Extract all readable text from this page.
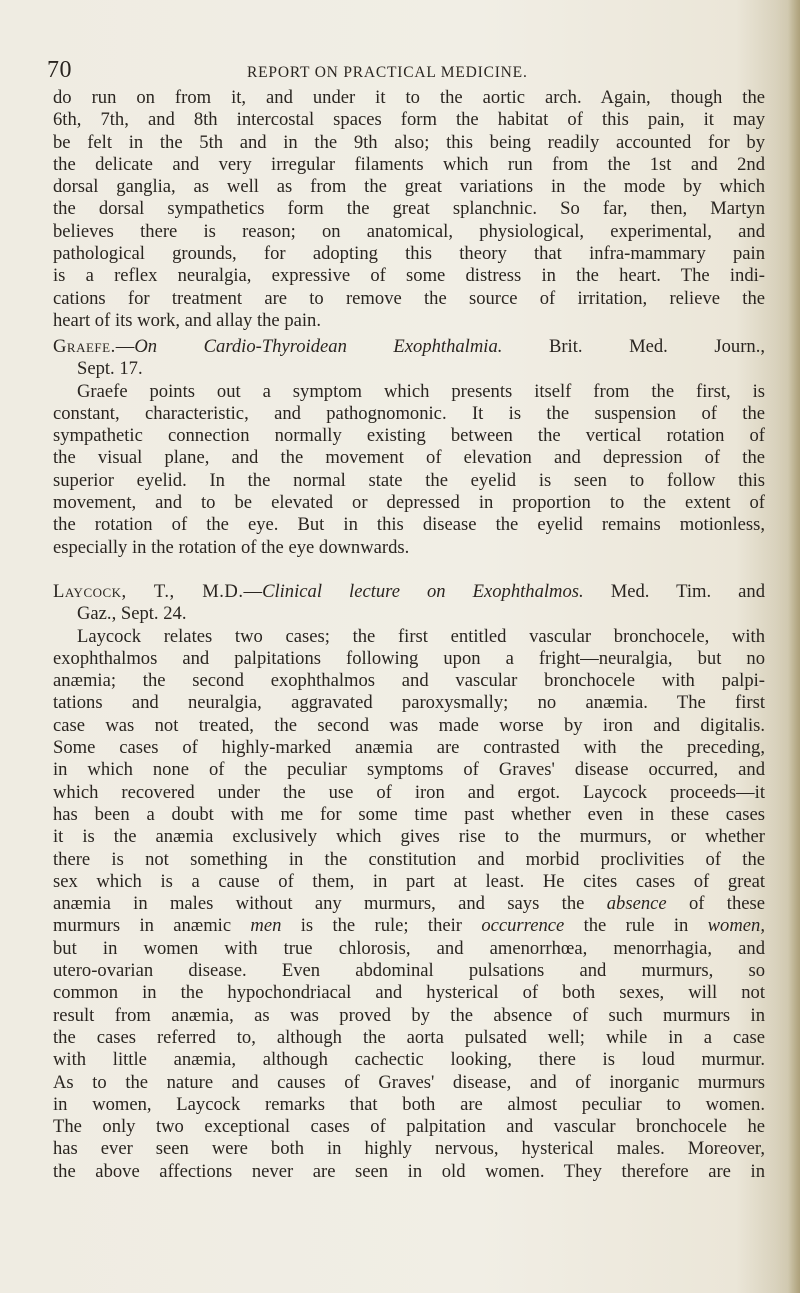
70	REPORT ON PRACTICAL MEDICINE.
do run on from it, and under it to the aortic arch. Again, though the
6th, 7th, and 8th intercostal spaces form the habitat of this pain, it may
be felt in the 5th and in the 9th also; this being readily accounted for by
the delicate and very irregular filaments which run from the 1st and 2nd
dorsal ganglia, as well as from the great variations in the mode by which
the dorsal sympathetics form the great splanchnic. So far, then, Martyn
believes there is reason; on anatomical, physiological, experimental, and
pathological grounds, for adopting this theory that infra-mammary pain
is a reflex neuralgia, expressive of some distress in the heart. The indi-
cations for treatment are to remove the source of irritation, relieve the
heart of its work, and allay the pain.
Graefe.—On Cardio-Thyroidean Exophthalmia. Brit. Med. Journ.,
Sept. 17.
Graefe points out a symptom which presents itself from the first, is
constant, characteristic, and pathognomonic. It is the suspension of the
sympathetic connection normally existing between the vertical rotation of
the visual plane, and the movement of elevation and depression of the
superior eyelid. In the normal state the eyelid is seen to follow this
movement, and to be elevated or depressed in proportion to the extent of
the rotation of the eye. But in this disease the eyelid remains motionless,
especially in the rotation of the eye downwards.
Laycock, T., M.D.—Clinical lecture on Exophthalmos. Med. Tim. and
Gaz., Sept. 24.
Laycock relates two cases; the first entitled vascular bronchocele, with
exophthalmos and palpitations following upon a fright—neuralgia, but no
anæmia; the second exophthalmos and vascular bronchocele with palpi-
tations and neuralgia, aggravated paroxysmally; no anæmia. The first
case was not treated, the second was made worse by iron and digitalis.
Some cases of highly-marked anæmia are contrasted with the preceding,
in which none of the peculiar symptoms of Graves' disease occurred, and
which recovered under the use of iron and ergot. Laycock proceeds—it
has been a doubt with me for some time past whether even in these cases
it is the anæmia exclusively which gives rise to the murmurs, or whether
there is not something in the constitution and morbid proclivities of the
sex which is a cause of them, in part at least. He cites cases of great
anæmia in males without any murmurs, and says the absence of these
murmurs in anæmic men is the rule; their occurrence the rule in women,
but in women with true chlorosis, and amenorrhœa, menorrhagia, and
utero-ovarian disease. Even abdominal pulsations and murmurs, so
common in the hypochondriacal and hysterical of both sexes, will not
result from anæmia, as was proved by the absence of such murmurs in
the cases referred to, although the aorta pulsated well; while in a case
with little anæmia, although cachectic looking, there is loud murmur.
As to the nature and causes of Graves' disease, and of inorganic murmurs
in women, Laycock remarks that both are almost peculiar to women.
The only two exceptional cases of palpitation and vascular bronchocele he
has ever seen were both in highly nervous, hysterical males. Moreover,
the above affections never are seen in old women. They therefore are in
